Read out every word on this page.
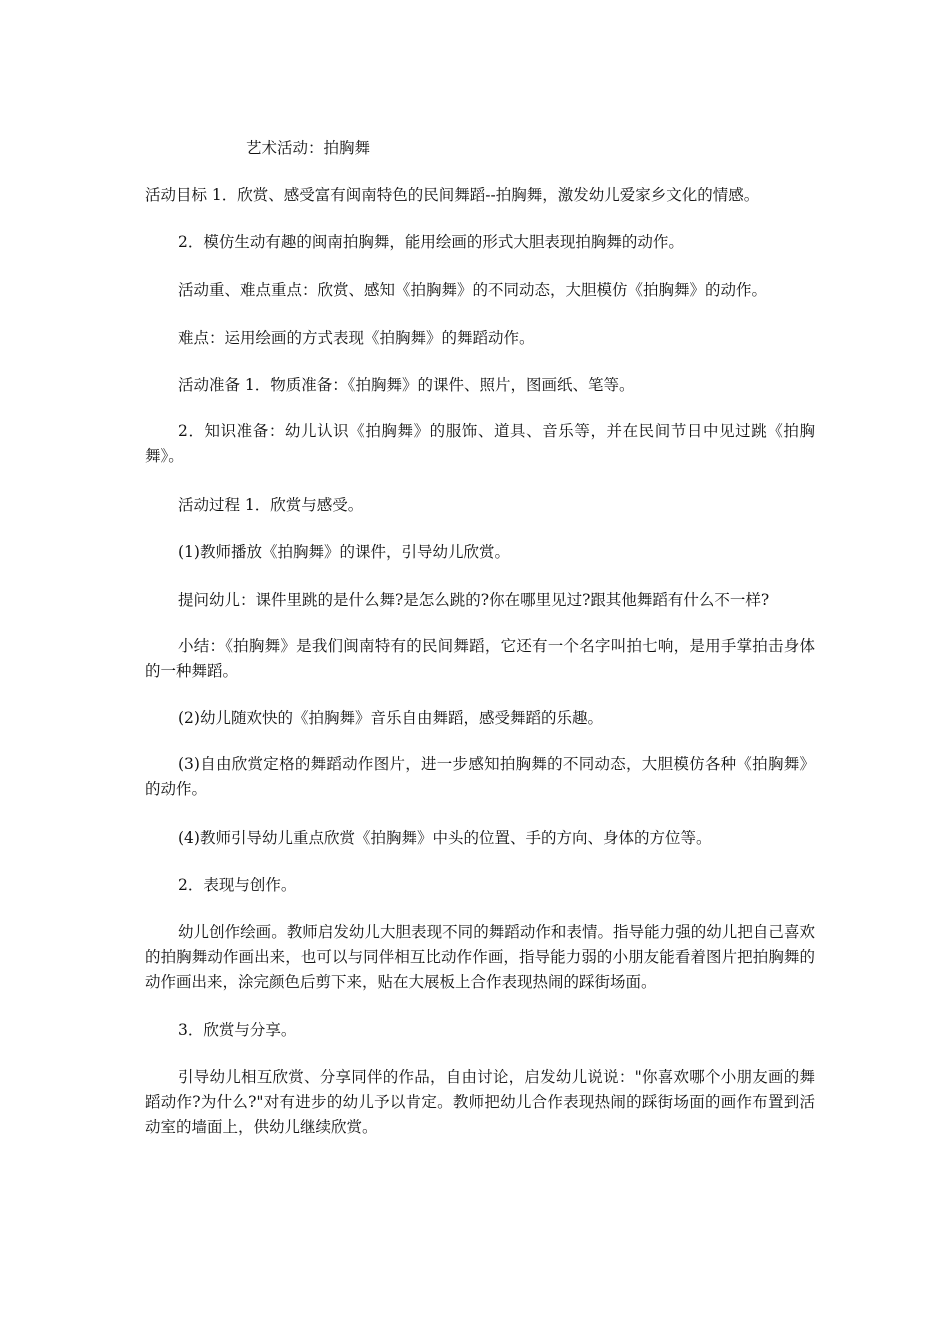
艺术活动：拍胸舞

活动目标 1．欣赏、感受富有闽南特色的民间舞蹈--拍胸舞，激发幼儿爱家乡文化的情感。

2．模仿生动有趣的闽南拍胸舞，能用绘画的形式大胆表现拍胸舞的动作。

活动重、难点重点：欣赏、感知《拍胸舞》的不同动态，大胆模仿《拍胸舞》的动作。

难点：运用绘画的方式表现《拍胸舞》的舞蹈动作。

活动准备 1．物质准备：《拍胸舞》的课件、照片，图画纸、笔等。

2．知识准备：幼儿认识《拍胸舞》的服饰、道具、音乐等，并在民间节日中见过跳《拍胸舞》。

活动过程 1．欣赏与感受。

(1)教师播放《拍胸舞》的课件，引导幼儿欣赏。

提问幼儿：课件里跳的是什么舞?是怎么跳的?你在哪里见过?跟其他舞蹈有什么不一样?

小结：《拍胸舞》是我们闽南特有的民间舞蹈，它还有一个名字叫拍七响，是用手掌拍击身体的一种舞蹈。

(2)幼儿随欢快的《拍胸舞》音乐自由舞蹈，感受舞蹈的乐趣。

(3)自由欣赏定格的舞蹈动作图片，进一步感知拍胸舞的不同动态，大胆模仿各种《拍胸舞》的动作。

(4)教师引导幼儿重点欣赏《拍胸舞》中头的位置、手的方向、身体的方位等。

2．表现与创作。

幼儿创作绘画。教师启发幼儿大胆表现不同的舞蹈动作和表情。指导能力强的幼儿把自己喜欢的拍胸舞动作画出来，也可以与同伴相互比动作作画，指导能力弱的小朋友能看着图片把拍胸舞的动作画出来，涂完颜色后剪下来，贴在大展板上合作表现热闹的踩街场面。

3．欣赏与分享。

引导幼儿相互欣赏、分享同伴的作品，自由讨论，启发幼儿说说："你喜欢哪个小朋友画的舞蹈动作?为什么?"对有进步的幼儿予以肯定。教师把幼儿合作表现热闹的踩街场面的画作布置到活动室的墙面上，供幼儿继续欣赏。
